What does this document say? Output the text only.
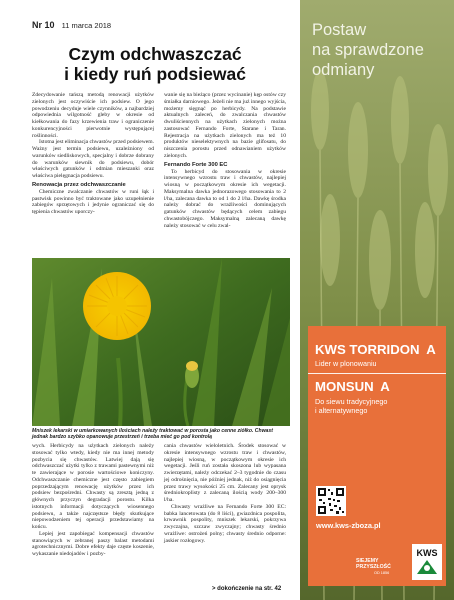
Nr 10 11 marca 2018
Czym odchwaszczać
i kiedy ruń podsiewać

Zdecydowanie tańszą metodą renowacji użytków zielonych jest oczywiście ich podsiew. O jego powodzeniu decyduje wiele czynników, a najbardziej odpowiednia wilgotność gleby w okresie od kiełkowania do fazy krzewienia traw i ograniczenie konkurencyjności pierwotnie występującej roślinności.

Istotna jest eliminacja chwastów przed podsiewem. Ważny jest termin podsiewu, uzależniony od warunków siedliskowych, specjalny i dobrze dobrany do warunków siewnik do podsiewu, dobór właściwych gatunków i odmian mieszanki oraz właściwa pielęgnacja podsiewu.

Renowacja przez odchwaszczanie

Chemiczne zwalczanie chwastów w runi łąk i pastwisk powinno być traktowane jako uzupełnienie zabiegów sprzętowych i jedynie ograniczać się do tępienia chwastów uporczy-

wanie się na bieżąco (przez wycinanie) kęp ostów czy śmiałka darniowego. Jeżeli nie ma już innego wyjścia, możemy sięgnąć po herbicydy. Na podstawie aktualnych zaleceń, do zwalczania chwastów dwuliściennych na użytkach zielonych można zastosować Fernando Forte, Starane i Taran. Rejestracja na użytkach zielonych ma też 10 produktów nieselektywnych na bazie glifosatu, do niszczenia porostu przed odnawianiem użytków zielonych.

Fernando Forte 300 EC

To herbicyd do stosowania w okresie intensywnego wzrostu traw i chwastów, najlepiej wiosną w początkowym okresie ich wegetacji. Maksymalna dawka jednorazowego stosowania to 2 l/ha, zalecana dawka to od 1 do 2 l/ha. Dawkę środka należy dobrać do wrażliwości dominujących gatunków chwastów będących celem zabiegu chwastobójczego. Maksymalną zalecaną dawkę należy stosować w celu zwal-

Mniszek lekarski w umiarkowanych ilościach należy traktować w porosta jako cenne ziółko. Chwast jednak bardzo szybko opanowuje przestrzeń i trzeba mieć go pod kontrolą

wych. Herbicydy na użytkach zielonych należy stosować tylko wtedy, kiedy nie ma innej metody pozbycia się chwastów. Latwiej dają się odchwaszczać użytki tylko z trawami pastewnymi niż te zawierające w porosie wartościowe koniczyny. Odchwaszczanie chemiczne jest często zabiegiem poprzedzającym renowację użytków przez ich podsiew bezpośredni. Chwasty są zresztą jedną z głównych przyczyn degradacji porostu. Kilka istotnych informacji dotyczących wiosennego podsiewu, a także najczęstsze błędy skutkujące niepowodzeniem tej operacji przedstawiamy na końcu.

Lepiej jest zapobiegać kompensacji chwastów stanowiących w zebranej paszy balast metodami agrotechnicznymi. Dobre efekty daje częste koszenie, wykaszanie niedojadów i pozby-

cania chwastów wieloletnich. Środek stosować w okresie intensywnego wzrostu traw i chwastów, najlepiej wiosną, w początkowym okresie ich wegetacji. Jeśli ruń została skoszona lub wypasana zwierzętami, należy odczekać 2–3 tygodnie do czasu jej odrośnięcia, nie później jednak, niż do osiągnięcia przez trawy wysokości 25 cm. Zalecany jest oprysk średniokroplisty z zalecaną ilością wody 200–300 l/ha.

Chwasty wrażliwe na Fernando Forte 300 EC: babka lancetowata (do 8 liści), gwiazdnica pospolita, krwawnik pospolity, mniszek lekarski, pokrzywa zwyczajna, szczaw zwyczajny; chwasty średnio wrażliwe: ostrożeń polny; chwasty średnio odporne: jaskier rozłogowy.

> dokończenie na str. 42
Postaw
na sprawdzone
odmiany
KWS TORRIDON A
Lider w plonowaniu
MONSUN A
Do siewu tradycyjnego
i alternatywnego
www.kws-zboza.pl
SIEJEMY
PRZYSZŁOŚĆ
OD 1856
KWS
